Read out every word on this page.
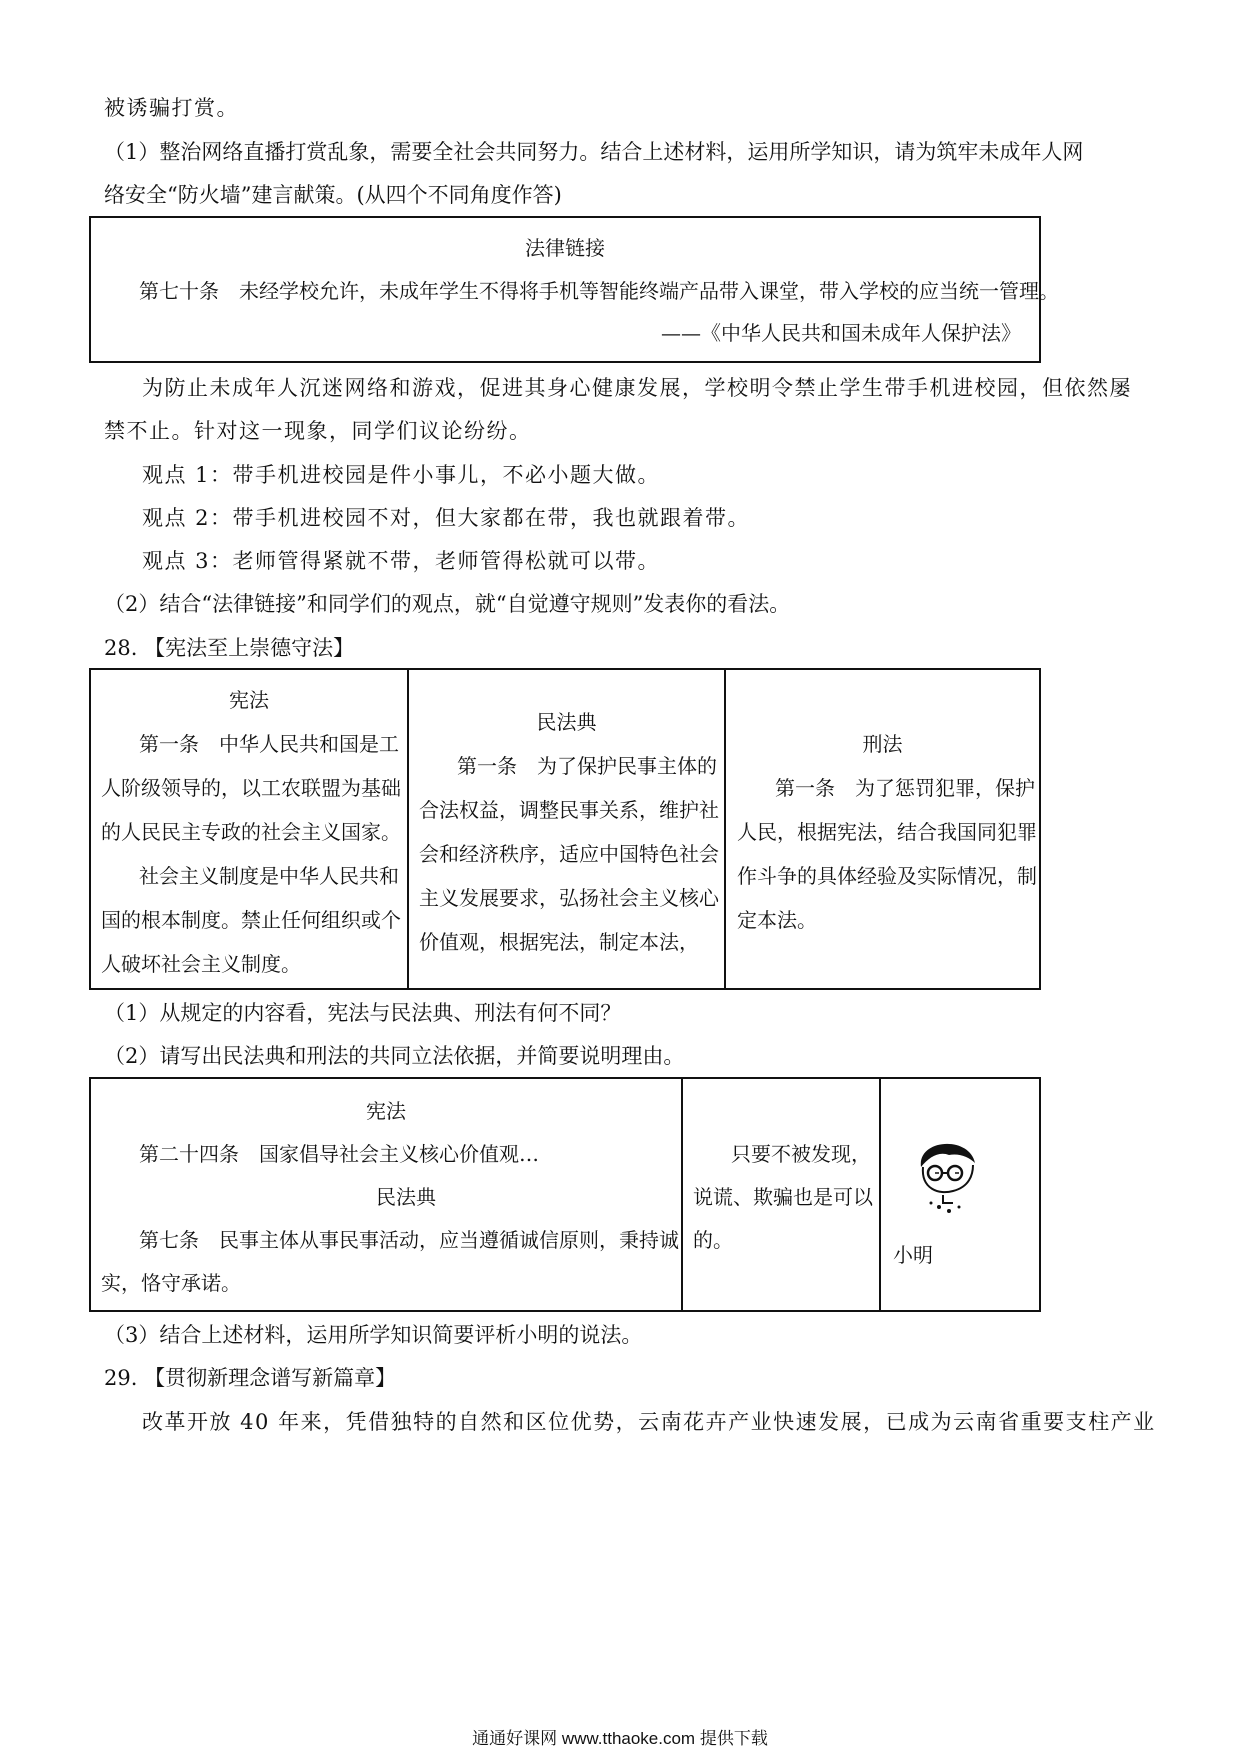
被诱骗打赏。
（1）整治网络直播打赏乱象，需要全社会共同努力。结合上述材料，运用所学知识，请为筑牢未成年人网
络安全“防火墙”建言献策。(从四个不同角度作答)
法律链接
第七十条　未经学校允许，未成年学生不得将手机等智能终端产品带入课堂，带入学校的应当统一管理。
——《中华人民共和国未成年人保护法》
为防止未成年人沉迷网络和游戏，促进其身心健康发展，学校明令禁止学生带手机进校园，但依然屡
禁不止。针对这一现象，同学们议论纷纷。
观点 1：带手机进校园是件小事儿，不必小题大做。
观点 2：带手机进校园不对，但大家都在带，我也就跟着带。
观点 3：老师管得紧就不带，老师管得松就可以带。
（2）结合“法律链接”和同学们的观点，就“自觉遵守规则”发表你的看法。
28. 【宪法至上崇德守法】
宪法
第一条　中华人民共和国是工
人阶级领导的，以工农联盟为基础
的人民民主专政的社会主义国家。
社会主义制度是中华人民共和
国的根本制度。禁止任何组织或个
人破坏社会主义制度。
民法典
第一条　为了保护民事主体的
合法权益，调整民事关系，维护社
会和经济秩序，适应中国特色社会
主义发展要求，弘扬社会主义核心
价值观，根据宪法，制定本法，
刑法
第一条　为了惩罚犯罪，保护
人民，根据宪法，结合我国同犯罪
作斗争的具体经验及实际情况，制
定本法。
（1）从规定的内容看，宪法与民法典、刑法有何不同？
（2）请写出民法典和刑法的共同立法依据，并简要说明理由。
宪法
第二十四条　国家倡导社会主义核心价值观…
民法典
第七条　民事主体从事民事活动，应当遵循诚信原则，秉持诚
实，恪守承诺。
只要不被发现，
说谎、欺骗也是可以
的。
小明
（3）结合上述材料，运用所学知识简要评析小明的说法。
29. 【贯彻新理念谱写新篇章】
改革开放 40 年来，凭借独特的自然和区位优势，云南花卉产业快速发展，已成为云南省重要支柱产业
通通好课网 www.tthaoke.com 提供下载
